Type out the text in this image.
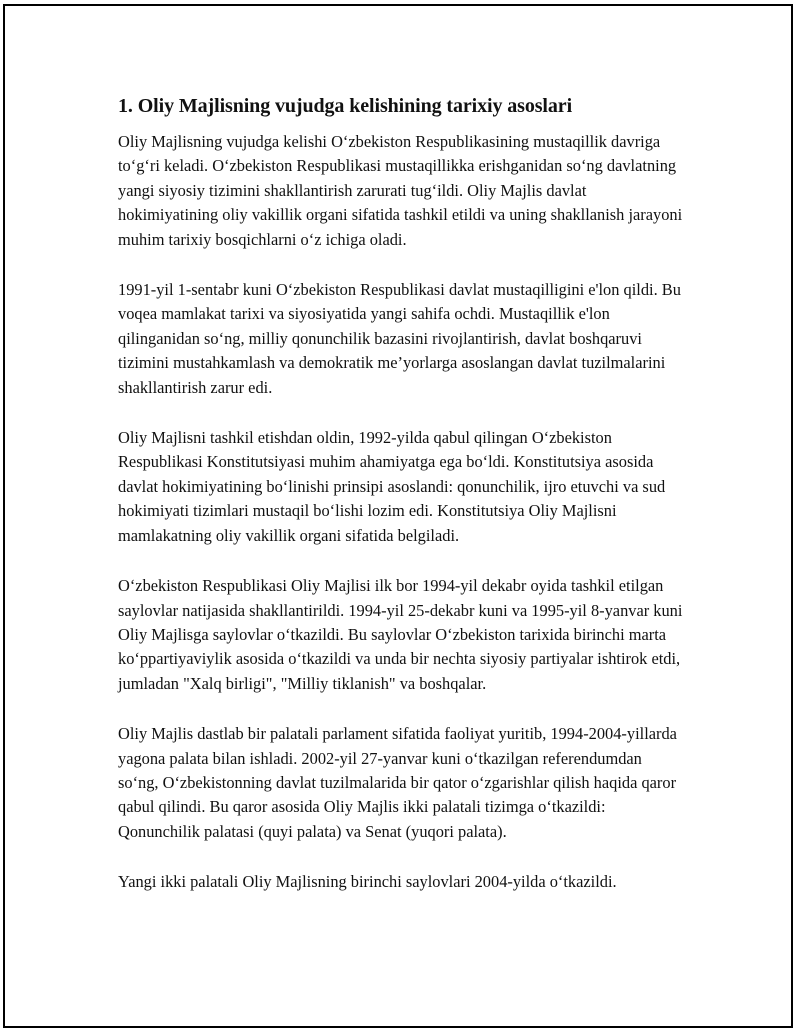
1. Oliy Majlisning vujudga kelishining tarixiy asoslari

Oliy Majlisning vujudga kelishi O‘zbekiston Respublikasining mustaqillik davriga to‘g‘ri keladi. O‘zbekiston Respublikasi mustaqillikka erishganidan so‘ng davlatning yangi siyosiy tizimini shakllantirish zarurati tug‘ildi. Oliy Majlis davlat hokimiyatining oliy vakillik organi sifatida tashkil etildi va uning shakllanish jarayoni muhim tarixiy bosqichlarni o‘z ichiga oladi.

1991-yil 1-sentabr kuni O‘zbekiston Respublikasi davlat mustaqilligini e'lon qildi. Bu voqea mamlakat tarixi va siyosiyatida yangi sahifa ochdi. Mustaqillik e'lon qilinganidan so‘ng, milliy qonunchilik bazasini rivojlantirish, davlat boshqaruvi tizimini mustahkamlash va demokratik me’yorlarga asoslangan davlat tuzilmalarini shakllantirish zarur edi.

Oliy Majlisni tashkil etishdan oldin, 1992-yilda qabul qilingan O‘zbekiston Respublikasi Konstitutsiyasi muhim ahamiyatga ega bo‘ldi. Konstitutsiya asosida davlat hokimiyatining bo‘linishi prinsipi asoslandi: qonunchilik, ijro etuvchi va sud hokimiyati tizimlari mustaqil bo‘lishi lozim edi. Konstitutsiya Oliy Majlisni mamlakatning oliy vakillik organi sifatida belgiladi.

O‘zbekiston Respublikasi Oliy Majlisi ilk bor 1994-yil dekabr oyida tashkil etilgan saylovlar natijasida shakllantirildi. 1994-yil 25-dekabr kuni va 1995-yil 8-yanvar kuni Oliy Majlisga saylovlar o‘tkazildi. Bu saylovlar O‘zbekiston tarixida birinchi marta ko‘ppartiyaviylik asosida o‘tkazildi va unda bir nechta siyosiy partiyalar ishtirok etdi, jumladan "Xalq birligi", "Milliy tiklanish" va boshqalar.

Oliy Majlis dastlab bir palatali parlament sifatida faoliyat yuritib, 1994-2004-yillarda yagona palata bilan ishladi. 2002-yil 27-yanvar kuni o‘tkazilgan referendumdan so‘ng, O‘zbekistonning davlat tuzilmalarida bir qator o‘zgarishlar qilish haqida qaror qabul qilindi. Bu qaror asosida Oliy Majlis ikki palatali tizimga o‘tkazildi: Qonunchilik palatasi (quyi palata) va Senat (yuqori palata).

Yangi ikki palatali Oliy Majlisning birinchi saylovlari 2004-yilda o‘tkazildi.
